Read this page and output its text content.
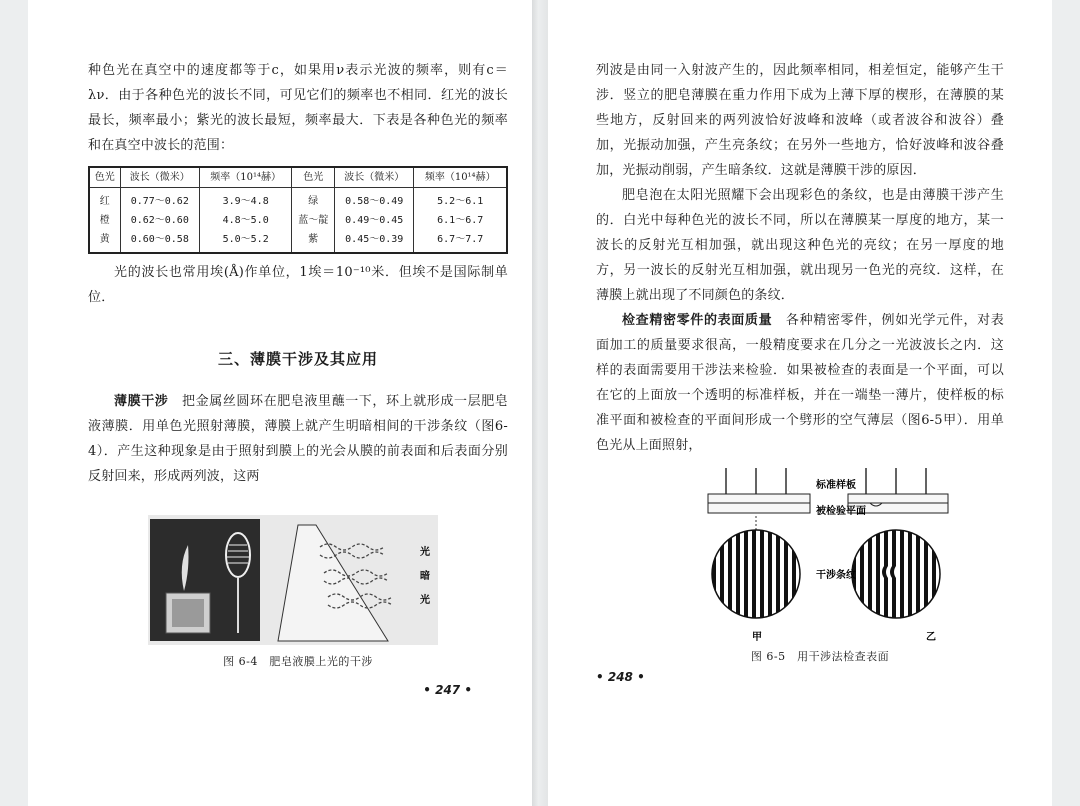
种色光在真空中的速度都等于c，如果用ν表示光波的频率，则有c＝λν．由于各种色光的波长不同，可见它们的频率也不相同．红光的波长最长，频率最小；紫光的波长最短，频率最大．下表是各种色光的频率和在真空中波长的范围：

色光	波长（微米）	频率（10¹⁴赫）	色光	波长（微米）	频率（10¹⁴赫）
红	0.77～0.62	3.9～4.8	绿	0.58～0.49	5.2～6.1
橙	0.62～0.60	4.8～5.0	蓝～靛	0.49～0.45	6.1～6.7
黄	0.60～0.58	5.0～5.2	紫	0.45～0.39	6.7～7.7

光的波长也常用埃(Å)作单位，1埃＝10⁻¹⁰米．但埃不是国际制单位．

三、薄膜干涉及其应用

薄膜干涉　 把金属丝圆环在肥皂液里蘸一下，环上就形成一层肥皂液薄膜．用单色光照射薄膜，薄膜上就产生明暗相间的干涉条纹（图6-4）．产生这种现象是由于照射到膜上的光会从膜的前表面和后表面分别反射回来，形成两列波，这两

光
暗
光
图 6-4　肥皂液膜上光的干涉
• 247 •

列波是由同一入射波产生的，因此频率相同，相差恒定，能够产生干涉．竖立的肥皂薄膜在重力作用下成为上薄下厚的楔形，在薄膜的某些地方，反射回来的两列波恰好波峰和波峰（或者波谷和波谷）叠加，光振动加强，产生亮条纹；在另外一些地方，恰好波峰和波谷叠加，光振动削弱，产生暗条纹．这就是薄膜干涉的原因．

肥皂泡在太阳光照耀下会出现彩色的条纹，也是由薄膜干涉产生的．白光中每种色光的波长不同，所以在薄膜某一厚度的地方，某一波长的反射光互相加强，就出现这种色光的亮纹；在另一厚度的地方，另一波长的反射光互相加强，就出现另一色光的亮纹．这样，在薄膜上就出现了不同颜色的条纹．

检查精密零件的表面质量　 各种精密零件，例如光学元件，对表面加工的质量要求很高，一般精度要求在几分之一光波波长之内．这样的表面需要用干涉法来检验．如果被检查的表面是一个平面，可以在它的上面放一个透明的标准样板，并在一端垫一薄片，使样板的标准平面和被检查的平面间形成一个劈形的空气薄层（图6-5甲）．用单色光从上面照射，

标准样板
被检验平面
干涉条纹
甲	乙
图 6-5　用干涉法检查表面
• 248 •
